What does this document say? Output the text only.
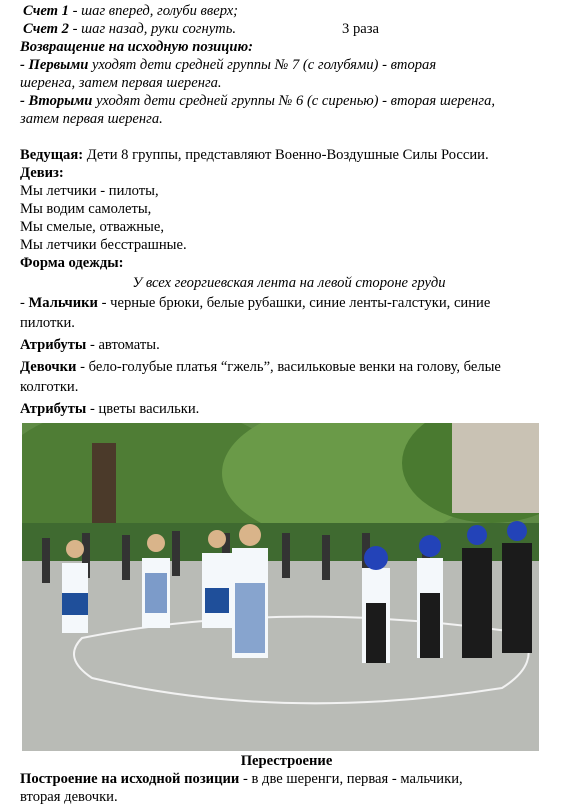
Счет 1 - шаг вперед, голуби вверх;
Счет 2 - шаг назад, руки согнуть.	3 раза
Возвращение на исходную позицию:
- Первыми уходят дети средней группы № 7 (с голубями) - вторая
шеренга, затем первая шеренга.
- Вторыми уходят дети средней группы № 6 (с сиренью) - вторая шеренга,
затем первая шеренга.
Ведущая: Дети 8 группы, представляют Военно-Воздушные Силы России.
Девиз:
Мы летчики - пилоты,
Мы водим самолеты,
Мы смелые, отважные,
Мы летчики бесстрашные.
Форма одежды:
У всех георгиевская лента на левой стороне груди
- Мальчики - черные брюки, белые рубашки, синие ленты-галстуки, синие
пилотки.
Атрибуты - автоматы.
Девочки - бело-голубые платья “гжель”, васильковые венки на голову, белые
колготки.
Атрибуты - цветы васильки.
Перестроение
Построение на исходной позиции - в две шеренги, первая - мальчики,
вторая девочки.
